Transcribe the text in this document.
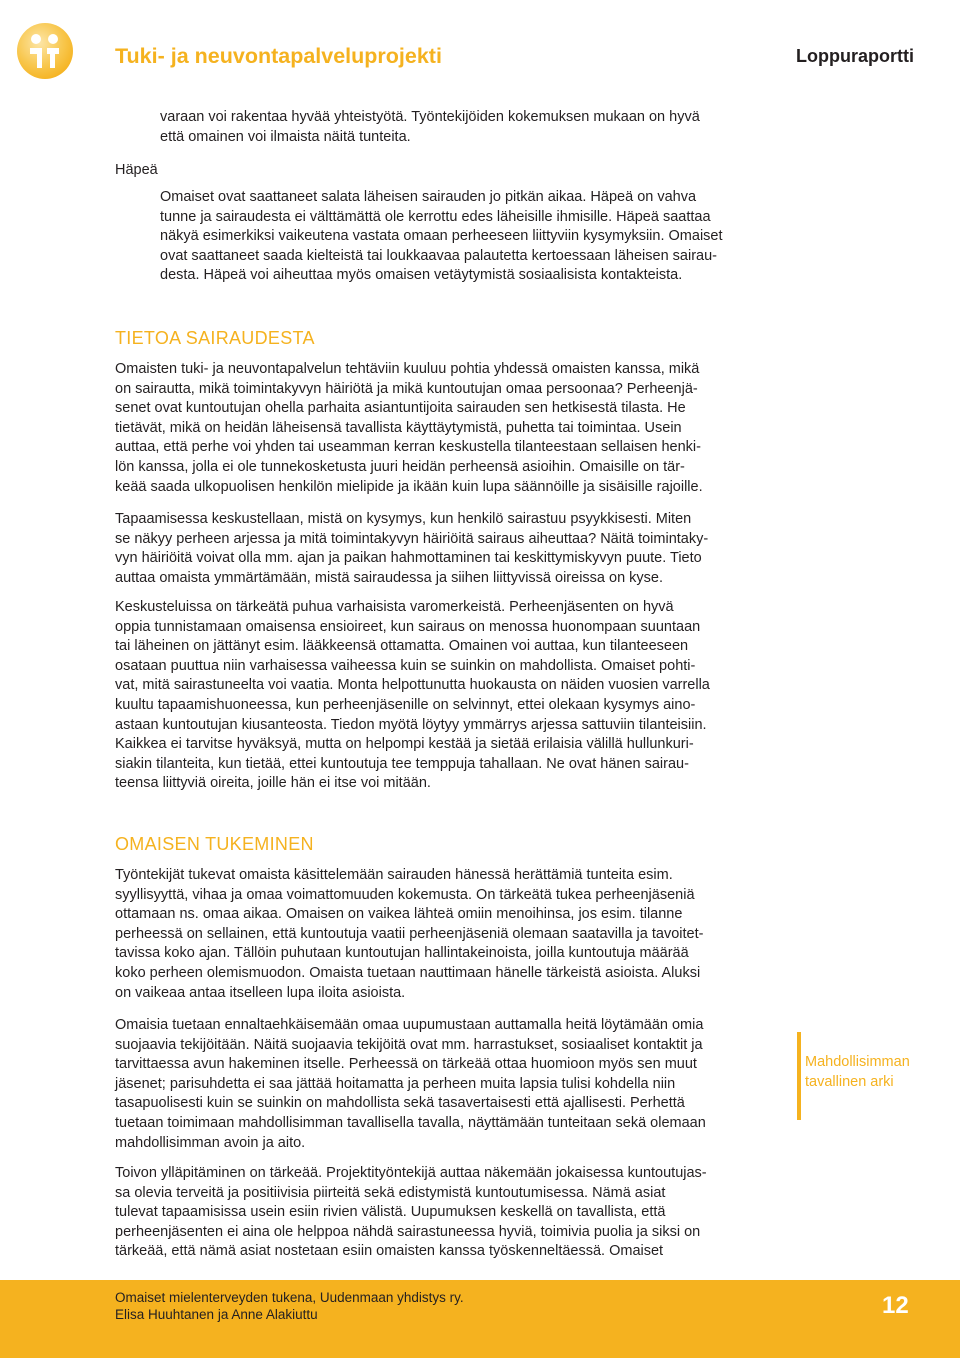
Tuki- ja neuvontapalveluprojekti	Loppuraportti
varaan voi rakentaa hyvää yhteistyötä. Työntekijöiden kokemuksen mukaan on hyvä
että omainen voi ilmaista näitä tunteita.
Häpeä
Omaiset ovat saattaneet salata läheisen sairauden jo pitkän aikaa. Häpeä on vahva
tunne ja sairaudesta ei välttämättä ole kerrottu edes läheisille ihmisille. Häpeä saattaa
näkyä esimerkiksi vaikeutena vastata omaan perheeseen liittyviin kysymyksiin. Omaiset
ovat saattaneet saada kielteistä tai loukkaavaa palautetta kertoessaan läheisen sairau-
desta. Häpeä voi aiheuttaa myös omaisen vetäytymistä sosiaalisista kontakteista.
TIETOA SAIRAUDESTA
Omaisten tuki- ja neuvontapalvelun tehtäviin kuuluu pohtia yhdessä omaisten kanssa, mikä
on sairautta, mikä toimintakyvyn häiriötä ja mikä kuntoutujan omaa persoonaa? Perheenjä-
senet ovat kuntoutujan ohella parhaita asiantuntijoita sairauden sen hetkisestä tilasta. He
tietävät, mikä on heidän läheisensä tavallista käyttäytymistä, puhetta tai toimintaa. Usein
auttaa, että perhe voi yhden tai useamman kerran keskustella tilanteestaan sellaisen henki-
lön kanssa, jolla ei ole tunnekosketusta juuri heidän perheensä asioihin. Omaisille on tär-
keää saada ulkopuolisen henkilön mielipide ja ikään kuin lupa säännöille ja sisäisille rajoille.
Tapaamisessa keskustellaan, mistä on kysymys, kun henkilö sairastuu psyykkisesti. Miten
se näkyy perheen arjessa ja mitä toimintakyvyn häiriöitä sairaus aiheuttaa? Näitä toimintaky-
vyn häiriöitä voivat olla mm. ajan ja paikan hahmottaminen tai keskittymiskyvyn puute. Tieto
auttaa omaista ymmärtämään, mistä sairaudessa ja siihen liittyvissä oireissa on kyse.
Keskusteluissa on tärkeätä puhua varhaisista varomerkeistä. Perheenjäsenten on hyvä
oppia tunnistamaan omaisensa ensioireet, kun sairaus on menossa huonompaan suuntaan
tai läheinen on jättänyt esim. lääkkeensä ottamatta. Omainen voi auttaa, kun tilanteeseen
osataan puuttua niin varhaisessa vaiheessa kuin se suinkin on mahdollista. Omaiset pohti-
vat, mitä sairastuneelta voi vaatia. Monta helpottunutta huokausta on näiden vuosien varrella
kuultu tapaamishuoneessa, kun perheenjäsenille on selvinnyt, ettei olekaan kysymys aino-
astaan kuntoutujan kiusanteosta. Tiedon myötä löytyy ymmärrys arjessa sattuviin tilanteisiin.
Kaikkea ei tarvitse hyväksyä, mutta on helpompi kestää ja sietää erilaisia välillä hullunkuri-
siakin tilanteita, kun tietää, ettei kuntoutuja tee temppuja tahallaan. Ne ovat hänen sairau-
teensa liittyviä oireita, joille hän ei itse voi mitään.
OMAISEN TUKEMINEN
Työntekijät tukevat omaista käsittelemään sairauden hänessä herättämiä tunteita esim.
syyllisyyttä, vihaa ja omaa voimattomuuden kokemusta. On tärkeätä tukea perheenjäseniä
ottamaan ns. omaa aikaa. Omaisen on vaikea lähteä omiin menoihinsa, jos esim. tilanne
perheessä on sellainen, että kuntoutuja vaatii perheenjäseniä olemaan saatavilla ja tavoitet-
tavissa koko ajan. Tällöin puhutaan kuntoutujan hallintakeinoista, joilla kuntoutuja määrää
koko perheen olemismuodon. Omaista tuetaan nauttimaan hänelle tärkeistä asioista. Aluksi
on vaikeaa antaa itselleen lupa iloita asioista.
Omaisia tuetaan ennaltaehkäisemään omaa uupumustaan auttamalla heitä löytämään omia
suojaavia tekijöitään. Näitä suojaavia tekijöitä ovat mm. harrastukset, sosiaaliset kontaktit ja
tarvittaessa avun hakeminen itselle. Perheessä on tärkeää ottaa huomioon myös sen muut
jäsenet; parisuhdetta ei saa jättää hoitamatta ja perheen muita lapsia tulisi kohdella niin
tasapuolisesti kuin se suinkin on mahdollista sekä tasavertaisesti että ajallisesti. Perhettä
tuetaan toimimaan mahdollisimman tavallisella tavalla, näyttämään tunteitaan sekä olemaan
mahdollisimman avoin ja aito.
Mahdollisimman
tavallinen arki
Toivon ylläpitäminen on tärkeää. Projektityöntekijä auttaa näkemään jokaisessa kuntoutujas-
sa olevia terveitä ja positiivisia piirteitä sekä edistymistä kuntoutumisessa. Nämä asiat
tulevat tapaamisissa usein esiin rivien välistä. Uupumuksen keskellä on tavallista, että
perheenjäsenten ei aina ole helppoa nähdä sairastuneessa hyviä, toimivia puolia ja siksi on
tärkeää, että nämä asiat nostetaan esiin omaisten kanssa työskenneltäessä. Omaiset
Omaiset mielenterveyden tukena, Uudenmaan yhdistys ry.
Elisa Huuhtanen ja Anne Alakiuttu	12
